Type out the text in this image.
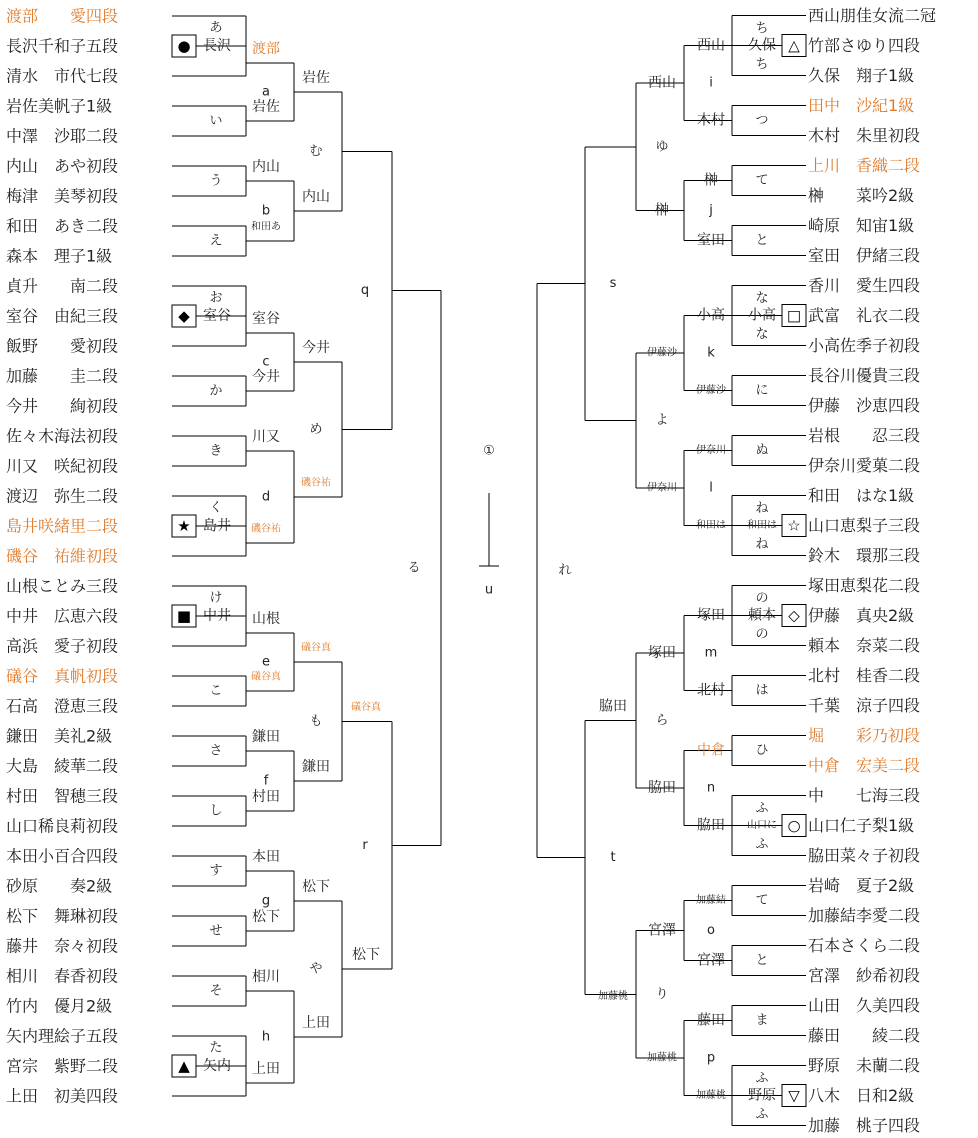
渡部　　愛四段
長沢千和子五段
清水　市代七段
岩佐美帆子1級
中澤　沙耶二段
内山　あや初段
梅津　美琴初段
和田　あき二段
森本　理子1級
貞升　　南二段
室谷　由紀三段
飯野　　愛初段
加藤　　圭二段
今井　　絢初段
佐々木海法初段
川又　咲紀初段
渡辺　弥生二段
島井咲緒里二段
磯谷　祐維初段
山根ことみ三段
中井　広恵六段
高浜　愛子初段
礒谷　真帆初段
石高　澄恵三段
鎌田　美礼2級
大島　綾華二段
村田　智穂三段
山口稀良莉初段
本田小百合四段
砂原　　奏2級
松下　舞琳初段
藤井　奈々初段
相川　春香初段
竹内　優月2級
矢内理絵子五段
宮宗　紫野二段
上田　初美四段
あ
● 長沢
い
う
え
お
◆ 室谷
か
き
く
★ 島井
け
■ 中井
こ
さ
し
す
せ
そ
た
▲ 矢内
渡部
岩佐
a
内山
和田あ
b
室谷
今井
c
川又
磯谷祐
d
山根
礒谷真
e
鎌田
村田
f
本田
松下
g
相川
上田
h
岩佐
内山
む
今井
磯谷祐
め
礒谷真
鎌田
も
松下
上田
や
q
r
礒谷真
松下
る
①
u
西山朋佳女流二冠
竹部さゆり四段
久保　翔子1級
田中　沙紀1級
木村　朱里初段
上川　香織二段
榊　　菜吟2級
崎原　知宙1級
室田　伊緒三段
香川　愛生四段
武富　礼衣二段
小高佐季子初段
長谷川優貴三段
伊藤　沙恵四段
岩根　　忍三段
伊奈川愛菓二段
和田　はな1級
山口恵梨子三段
鈴木　環那三段
塚田恵梨花二段
伊藤　真央2級
頼本　奈菜二段
北村　桂香二段
千葉　涼子四段
堀　　彩乃初段
中倉　宏美二段
中　　七海三段
山口仁子梨1級
脇田菜々子初段
岩崎　夏子2級
加藤結李愛二段
石本さくら二段
宮澤　紗希初段
山田　久美四段
藤田　　綾二段
野原　未蘭二段
八木　日和2級
加藤　桃子四段
△
久保
ち
ち
つ
て
と
□
小高
な
な
に
ぬ
☆
和田は
ね
ね
◇
頼本
の
の
は
ひ
○
山口に
ふ
ふ
て
と
ま
▽
野原
ふ
ふ
西山
木村
i
榊
室田
j
小高
伊藤沙
k
伊奈川
和田は
l
塚田
北村
m
中倉
脇田
n
加藤結
宮澤
o
藤田
加藤桃
p
西山
榊
ゆ
伊藤沙
伊奈川
よ
塚田
脇田
ら
宮澤
加藤桃
り
s
t
脇田
加藤桃
れ
